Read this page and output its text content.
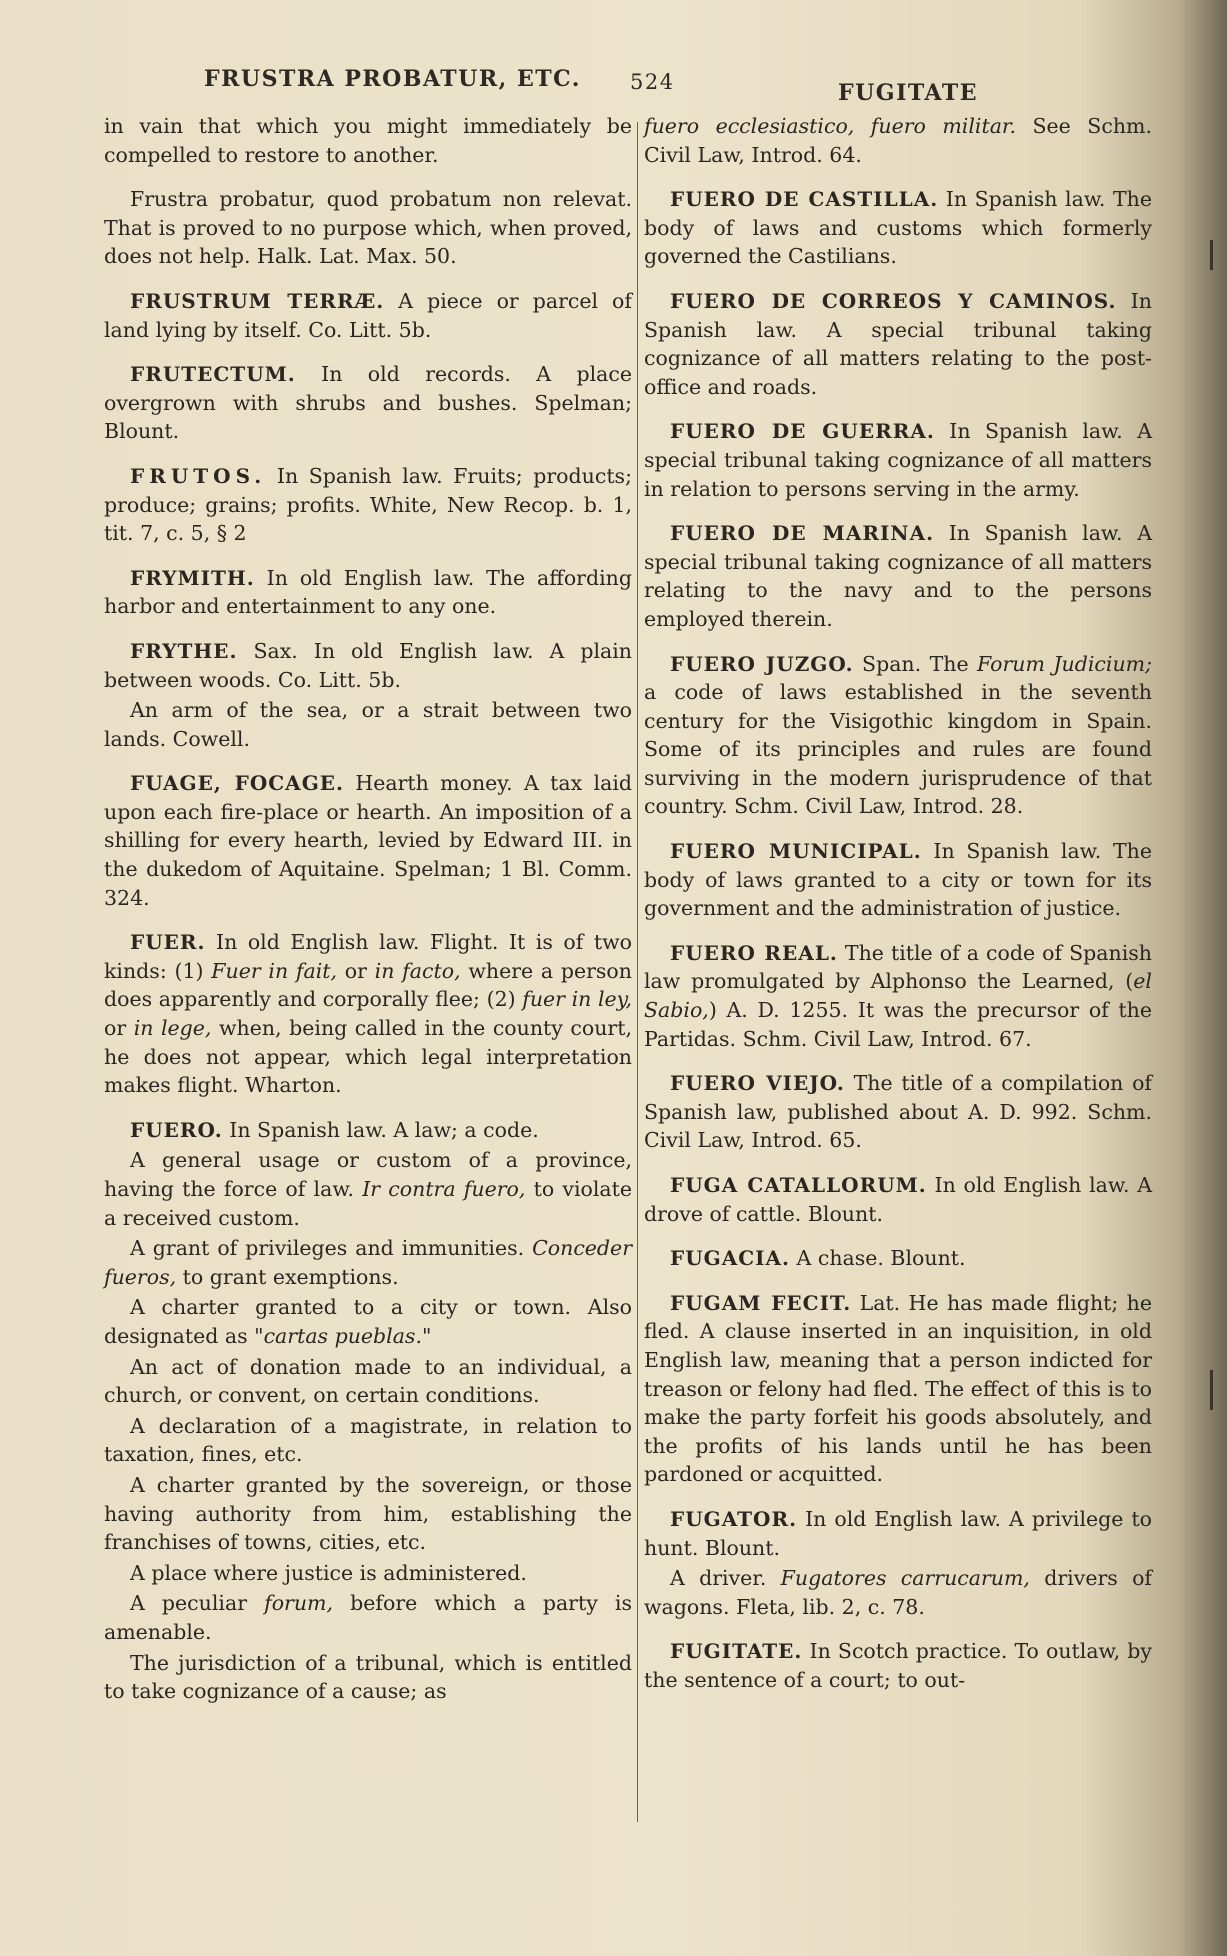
FRUSTRA PROBATUR, ETC. 524	FUGITATE

in vain that which you might immediately be compelled to restore to another.

Frustra probatur, quod probatum non relevat. That is proved to no purpose which, when proved, does not help. Halk. Lat. Max. 50.

FRUSTRUM TERRÆ. A piece or parcel of land lying by itself. Co. Litt. 5b.

FRUTECTUM. In old records. A place overgrown with shrubs and bushes. Spelman; Blount.

FRUTOS. In Spanish law. Fruits; products; produce; grains; profits. White, New Recop. b. 1, tit. 7, c. 5, § 2

FRYMITH. In old English law. The affording harbor and entertainment to any one.

FRYTHE. Sax. In old English law. A plain between woods. Co. Litt. 5b.

An arm of the sea, or a strait between two lands. Cowell.

FUAGE, FOCAGE. Hearth money. A tax laid upon each fire-place or hearth. An imposition of a shilling for every hearth, levied by Edward III. in the dukedom of Aquitaine. Spelman; 1 Bl. Comm. 324.

FUER. In old English law. Flight. It is of two kinds: (1) Fuer in fait, or in facto, where a person does apparently and corporally flee; (2) fuer in ley, or in lege, when, being called in the county court, he does not appear, which legal interpretation makes flight. Wharton.

FUERO. In Spanish law. A law; a code.

A general usage or custom of a province, having the force of law. Ir contra fuero, to violate a received custom.

A grant of privileges and immunities. Conceder fueros, to grant exemptions.

A charter granted to a city or town. Also designated as "cartas pueblas."

An act of donation made to an individual, a church, or convent, on certain conditions.

A declaration of a magistrate, in relation to taxation, fines, etc.

A charter granted by the sovereign, or those having authority from him, establishing the franchises of towns, cities, etc.

A place where justice is administered.

A peculiar forum, before which a party is amenable.

The jurisdiction of a tribunal, which is entitled to take cognizance of a cause; as

fuero ecclesiastico, fuero militar. See Schm. Civil Law, Introd. 64.

FUERO DE CASTILLA. In Spanish law. The body of laws and customs which formerly governed the Castilians.

FUERO DE CORREOS Y CAMINOS. In Spanish law. A special tribunal taking cognizance of all matters relating to the post-office and roads.

FUERO DE GUERRA. In Spanish law. A special tribunal taking cognizance of all matters in relation to persons serving in the army.

FUERO DE MARINA. In Spanish law. A special tribunal taking cognizance of all matters relating to the navy and to the persons employed therein.

FUERO JUZGO. Span. The Forum Judicium; a code of laws established in the seventh century for the Visigothic kingdom in Spain. Some of its principles and rules are found surviving in the modern jurisprudence of that country. Schm. Civil Law, Introd. 28.

FUERO MUNICIPAL. In Spanish law. The body of laws granted to a city or town for its government and the administration of justice.

FUERO REAL. The title of a code of Spanish law promulgated by Alphonso the Learned, (el Sabio,) A. D. 1255. It was the precursor of the Partidas. Schm. Civil Law, Introd. 67.

FUERO VIEJO. The title of a compilation of Spanish law, published about A. D. 992. Schm. Civil Law, Introd. 65.

FUGA CATALLORUM. In old English law. A drove of cattle. Blount.

FUGACIA. A chase. Blount.

FUGAM FECIT. Lat. He has made flight; he fled. A clause inserted in an inquisition, in old English law, meaning that a person indicted for treason or felony had fled. The effect of this is to make the party forfeit his goods absolutely, and the profits of his lands until he has been pardoned or acquitted.

FUGATOR. In old English law. A privilege to hunt. Blount.

A driver. Fugatores carrucarum, drivers of wagons. Fleta, lib. 2, c. 78.

FUGITATE. In Scotch practice. To outlaw, by the sentence of a court; to out-
